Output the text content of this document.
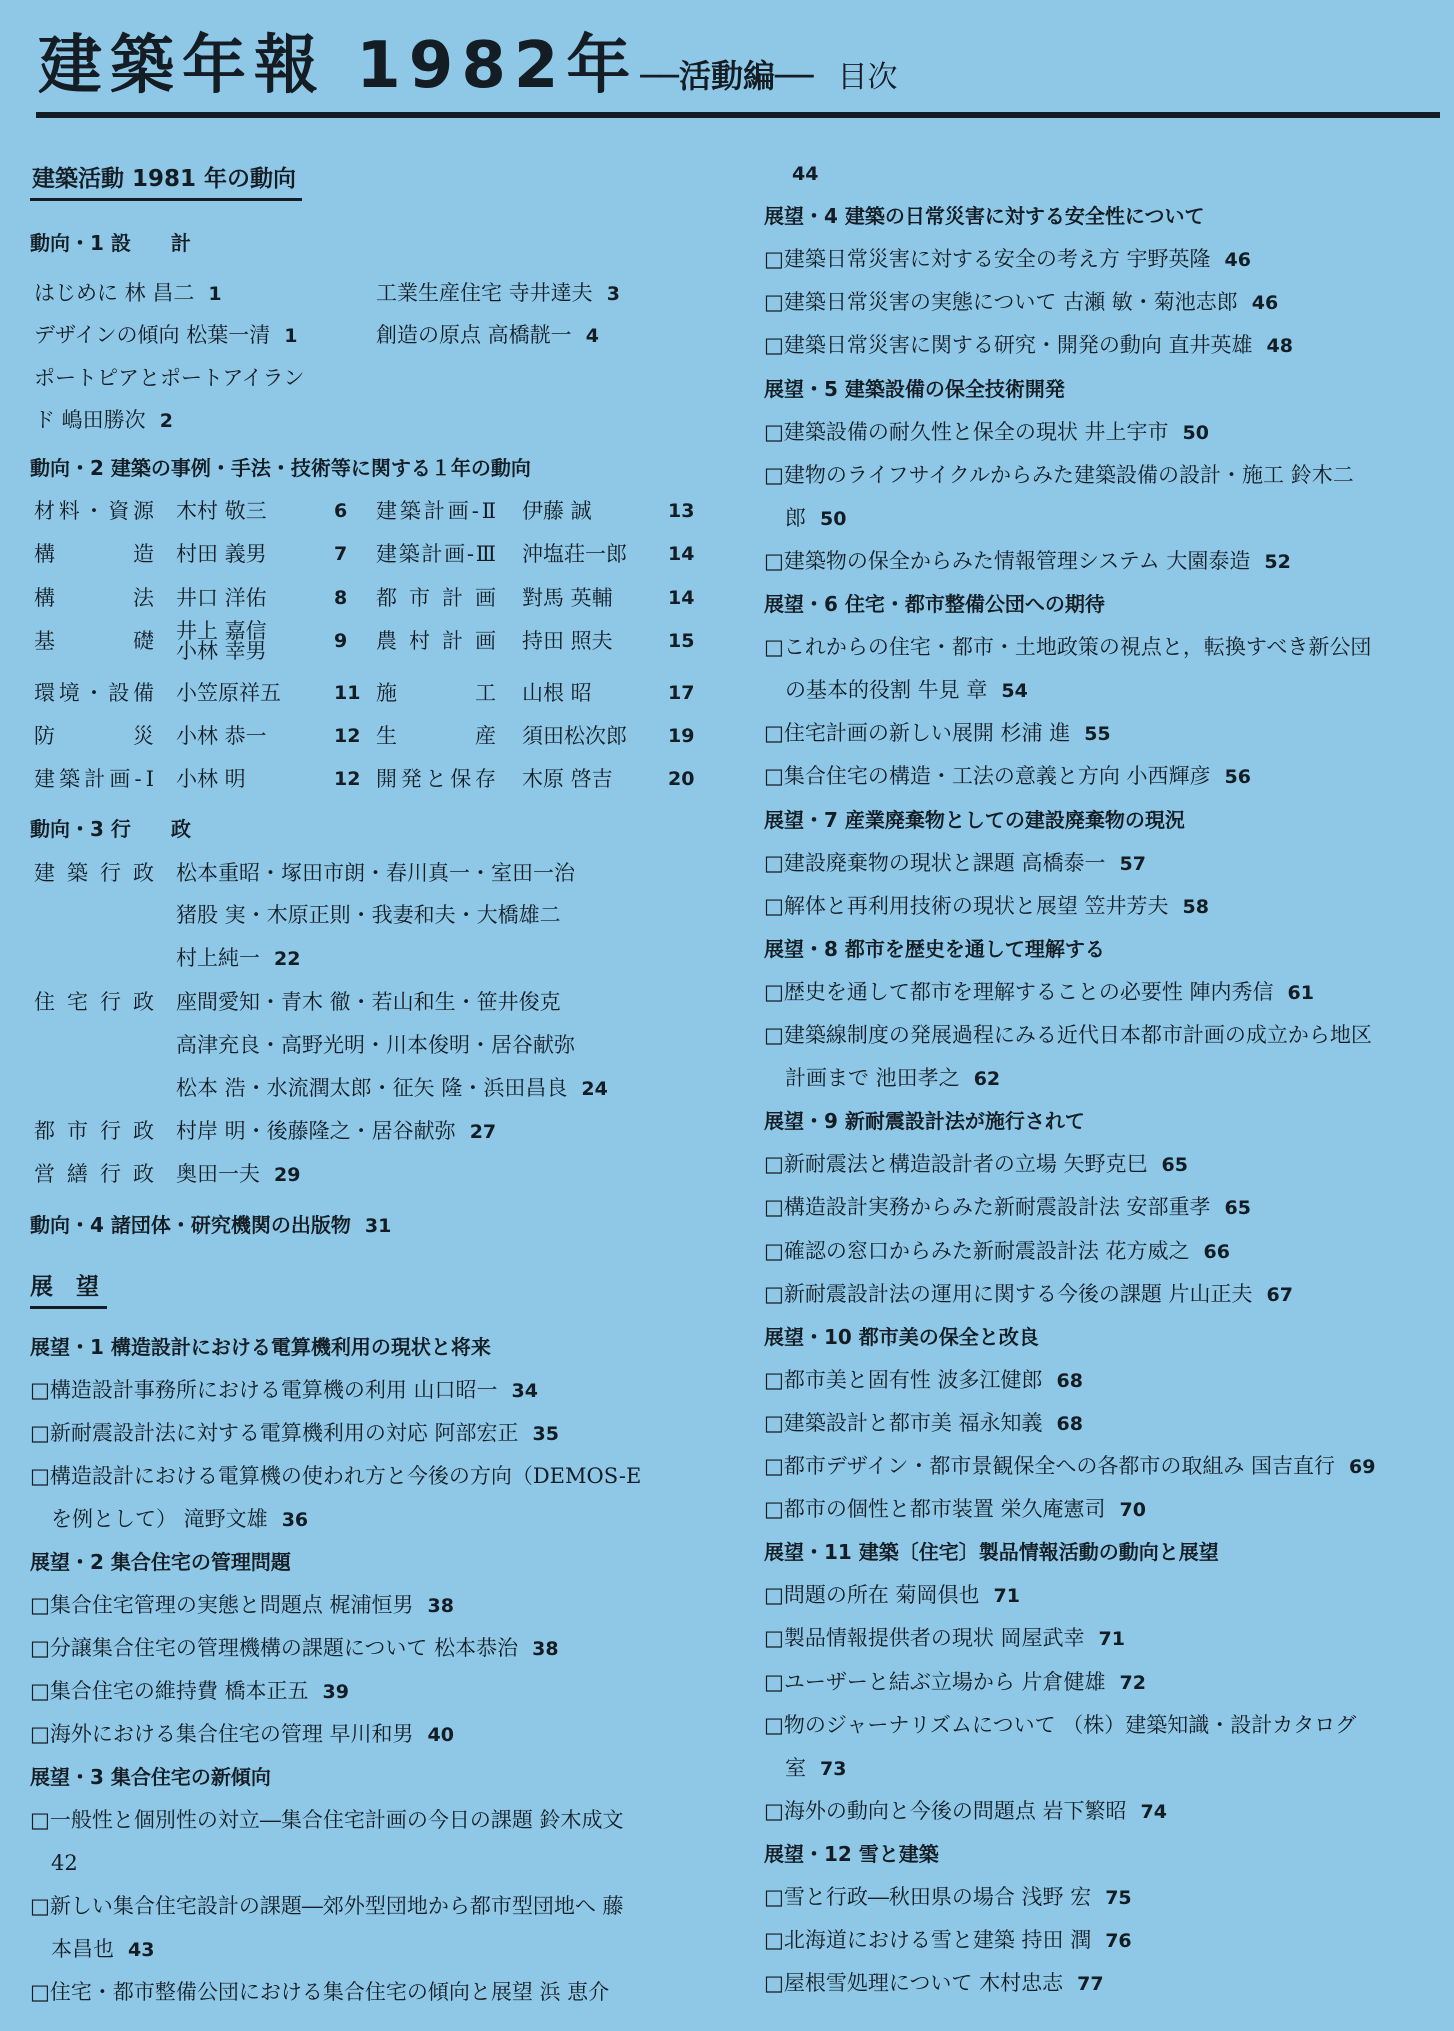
建築年報 1982年 ──活動編── 目次
建築活動 1981 年の動向
動向・1 設　　計
はじめに 林 昌二 1	工業生産住宅 寺井達夫 3
デザインの傾向 松葉一清 1	創造の原点 高橋靗一 4
ポートピアとポートアイラン
ド 嶋田勝次 2
動向・2 建築の事例・手法・技術等に関する１年の動向
材料・資源 木村 敬三	6 建築計画-Ⅱ 伊藤 誠	13
構　造 村田 義男	7 建築計画-Ⅲ 沖塩荘一郎 14
構　法 井口 洋佑	8 都市計画 對馬 英輔	14
基　礎 井上 嘉信 小林 幸男	9 農村計画 持田 照夫	15
環境・設備 小笠原祥五	11 施　工 山根 昭	17
防　災 小林 恭一	12 生　産 須田松次郎 19
建築計画-Ⅰ 小林 明	12 開発と保存 木原 啓吉	20
動向・3 行　　政
建築行政 松本重昭・塚田市朗・春川真一・室田一治
猪股 実・木原正則・我妻和夫・大橋雄二
村上純一 22
住宅行政 座間愛知・青木 徹・若山和生・笹井俊克
高津充良・高野光明・川本俊明・居谷献弥
松本 浩・水流潤太郎・征矢 隆・浜田昌良 24
都市行政 村岸 明・後藤隆之・居谷献弥 27
営繕行政 奥田一夫 29
動向・4 諸団体・研究機関の出版物 31
展　望
展望・1 構造設計における電算機利用の現状と将来
□構造設計事務所における電算機の利用 山口昭一 34
□新耐震設計法に対する電算機利用の対応 阿部宏正 35
□構造設計における電算機の使われ方と今後の方向（DEMOS-E
　を例として） 滝野文雄 36
展望・2 集合住宅の管理問題
□集合住宅管理の実態と問題点 梶浦恒男 38
□分譲集合住宅の管理機構の課題について 松本恭治 38
□集合住宅の維持費 橋本正五 39
□海外における集合住宅の管理 早川和男 40
展望・3 集合住宅の新傾向
□一般性と個別性の対立―集合住宅計画の今日の課題 鈴木成文
　42
□新しい集合住宅設計の課題―郊外型団地から都市型団地へ 藤
　本昌也 43
□住宅・都市整備公団における集合住宅の傾向と展望 浜 恵介
44
展望・4 建築の日常災害に対する安全性について
□建築日常災害に対する安全の考え方 宇野英隆 46
□建築日常災害の実態について 古瀬 敏・菊池志郎 46
□建築日常災害に関する研究・開発の動向 直井英雄 48
展望・5 建築設備の保全技術開発
□建築設備の耐久性と保全の現状 井上宇市 50
□建物のライフサイクルからみた建築設備の設計・施工 鈴木二
　郎 50
□建築物の保全からみた情報管理システム 大園泰造 52
展望・6 住宅・都市整備公団への期待
□これからの住宅・都市・土地政策の視点と，転換すべき新公団
　の基本的役割 牛見 章 54
□住宅計画の新しい展開 杉浦 進 55
□集合住宅の構造・工法の意義と方向 小西輝彦 56
展望・7 産業廃棄物としての建設廃棄物の現況
□建設廃棄物の現状と課題 高橋泰一 57
□解体と再利用技術の現状と展望 笠井芳夫 58
展望・8 都市を歴史を通して理解する
□歴史を通して都市を理解することの必要性 陣内秀信 61
□建築線制度の発展過程にみる近代日本都市計画の成立から地区
　計画まで 池田孝之 62
展望・9 新耐震設計法が施行されて
□新耐震法と構造設計者の立場 矢野克巳 65
□構造設計実務からみた新耐震設計法 安部重孝 65
□確認の窓口からみた新耐震設計法 花方威之 66
□新耐震設計法の運用に関する今後の課題 片山正夫 67
展望・10 都市美の保全と改良
□都市美と固有性 波多江健郎 68
□建築設計と都市美 福永知義 68
□都市デザイン・都市景観保全への各都市の取組み 国吉直行 69
□都市の個性と都市装置 栄久庵憲司 70
展望・11 建築〔住宅〕製品情報活動の動向と展望
□問題の所在 菊岡倶也 71
□製品情報提供者の現状 岡屋武幸 71
□ユーザーと結ぶ立場から 片倉健雄 72
□物のジャーナリズムについて （株）建築知識・設計カタログ
　室 73
□海外の動向と今後の問題点 岩下繁昭 74
展望・12 雪と建築
□雪と行政―秋田県の場合 浅野 宏 75
□北海道における雪と建築 持田 潤 76
□屋根雪処理について 木村忠志 77
